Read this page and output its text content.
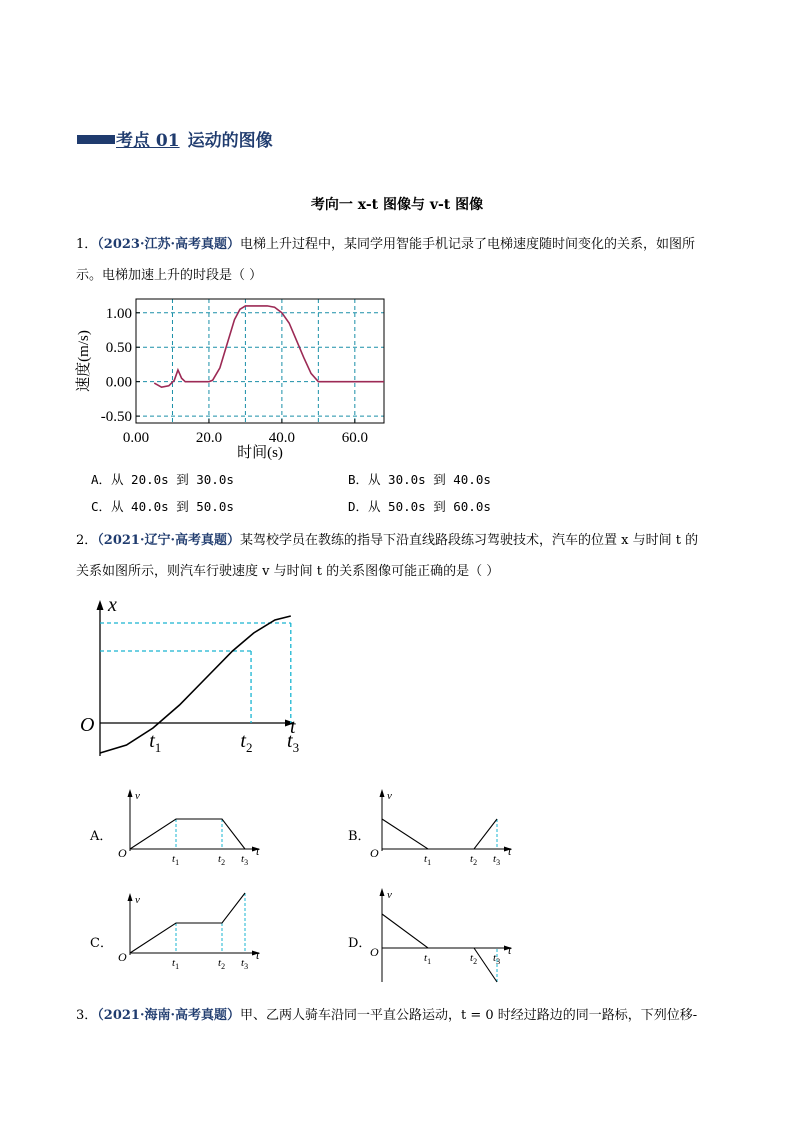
考点 01 运动的图像
考向一 x-t 图像与 v-t 图像
1．（2023·江苏·高考真题）电梯上升过程中，某同学用智能手机记录了电梯速度随时间变化的关系，如图所
示。电梯加速上升的时段是（ ）
0.00	20.0	40.0	60.0
1.00
0.50
0.00
-0.50
时间(s)
速度(m/s)
A．从 20.0s 到 30.0s	B．从 30.0s 到 40.0s
C．从 40.0s 到 50.0s	D．从 50.0s 到 60.0s
2．（2021·辽宁·高考真题）某驾校学员在教练的指导下沿直线路段练习驾驶技术，汽车的位置 x 与时间 t 的
关系如图所示，则汽车行驶速度 v 与时间 t 的关系图像可能正确的是（ ）
O
x
t
$t_1$	$t_2$ $t_3$
A．
v
t
O	$t_1$	$t_2$ $t_3$
B．
v
t
O	$t_1$	$t_2$ $t_3$
C．
v
t
O	$t_1$	$t_2$ $t_3$
D．
v
t
O	$t_1$	$t_2$ $t_3$
3．（2021·海南·高考真题）甲、乙两人骑车沿同一平直公路运动，t = 0 时经过路边的同一路标，下列位移-
